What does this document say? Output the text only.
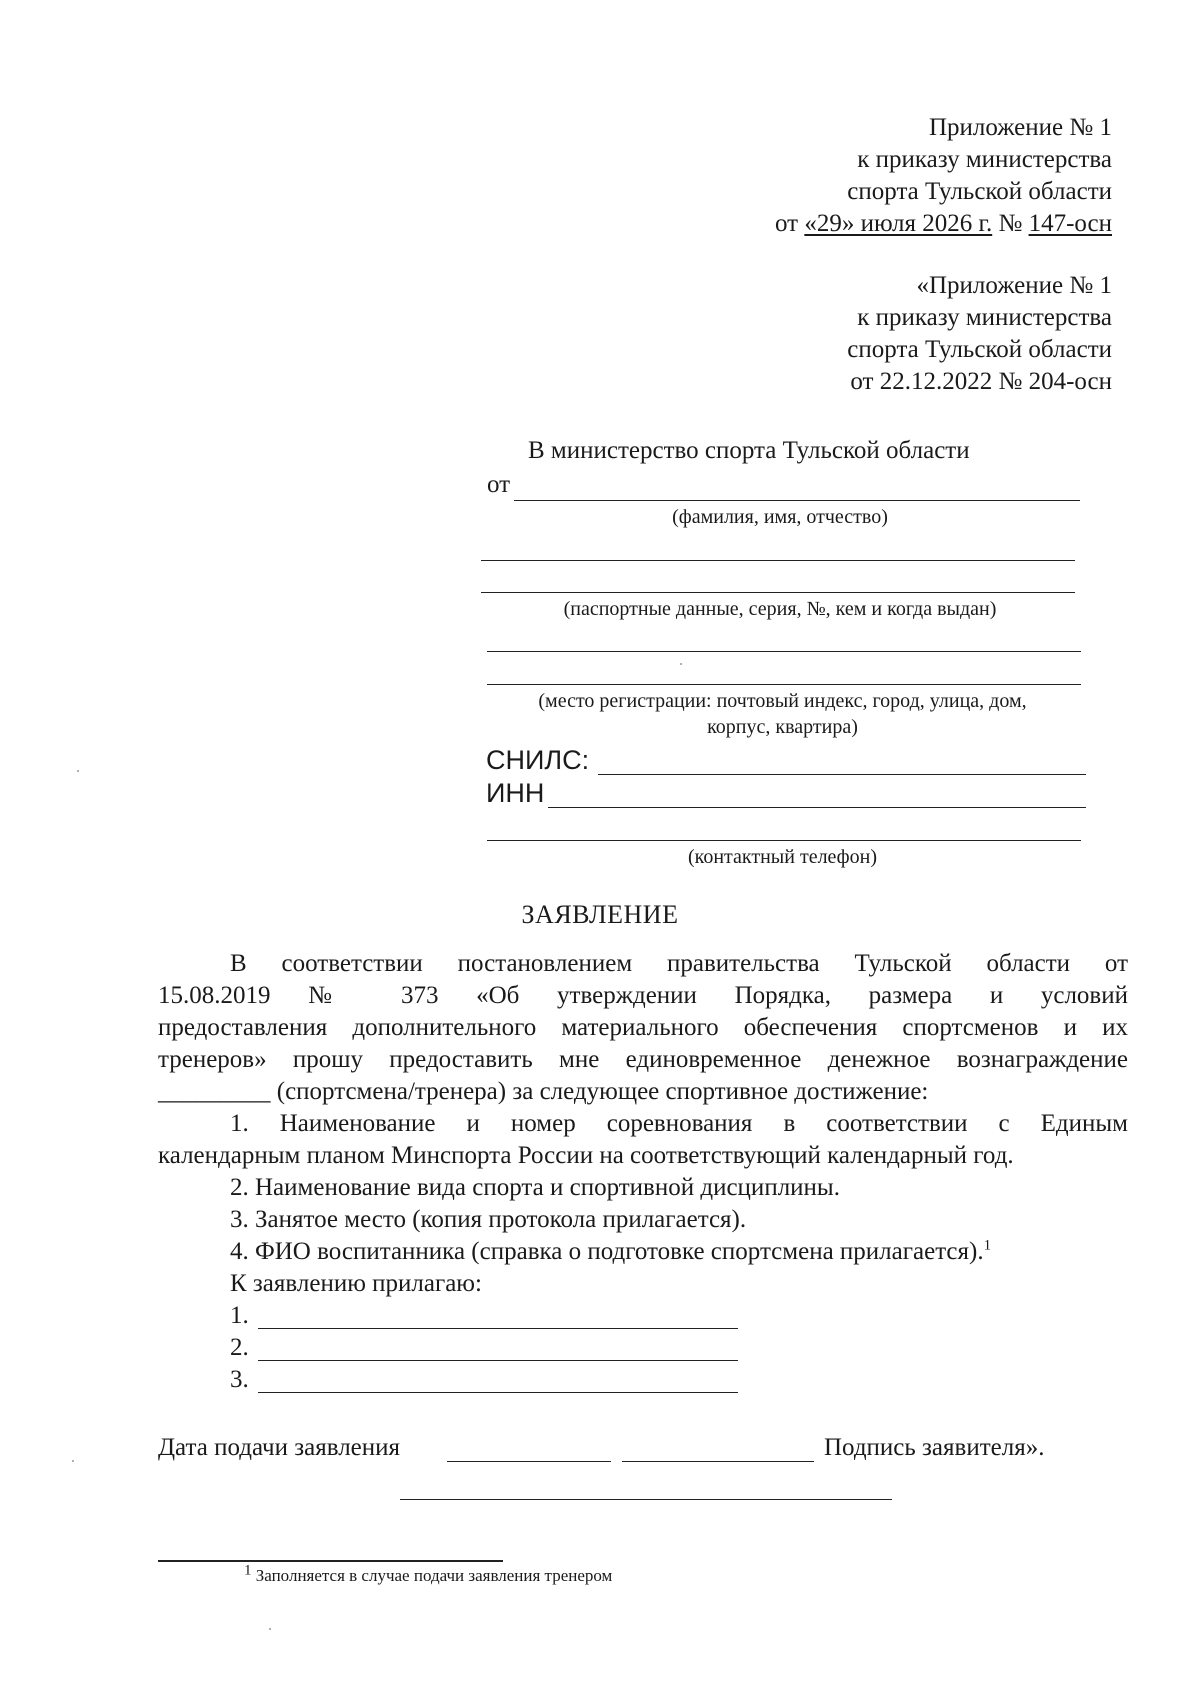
Приложение № 1
к приказу министерства
спорта Тульской области
от «29» июля 2026 г. № 147-осн
«Приложение № 1
к приказу министерства
спорта Тульской области
от 22.12.2022 № 204-осн
В министерство спорта Тульской области
от
(фамилия, имя, отчество)
(паспортные данные, серия, №, кем и когда выдан)
(место регистрации: почтовый индекс, город, улица, дом,
корпус, квартира)
СНИЛС:
ИНН
(контактный телефон)
ЗАЯВЛЕНИЕ
В соответствии постановлением правительства Тульской области от
15.08.2019 № 373 «Об утверждении Порядка, размера и условий
предоставления дополнительного материального обеспечения спортсменов и их
тренеров» прошу предоставить мне единовременное денежное вознаграждение
_________ (спортсмена/тренера) за следующее спортивное достижение:
1. Наименование и номер соревнования в соответствии с Единым
календарным планом Минспорта России на соответствующий календарный год.
2. Наименование вида спорта и спортивной дисциплины.
3. Занятое место (копия протокола прилагается).
4. ФИО воспитанника (справка о подготовке спортсмена прилагается).$^1$
К заявлению прилагаю:
1.
2.
3.
Дата подачи заявления	Подпись заявителя».
$^1$ Заполняется в случае подачи заявления тренером
